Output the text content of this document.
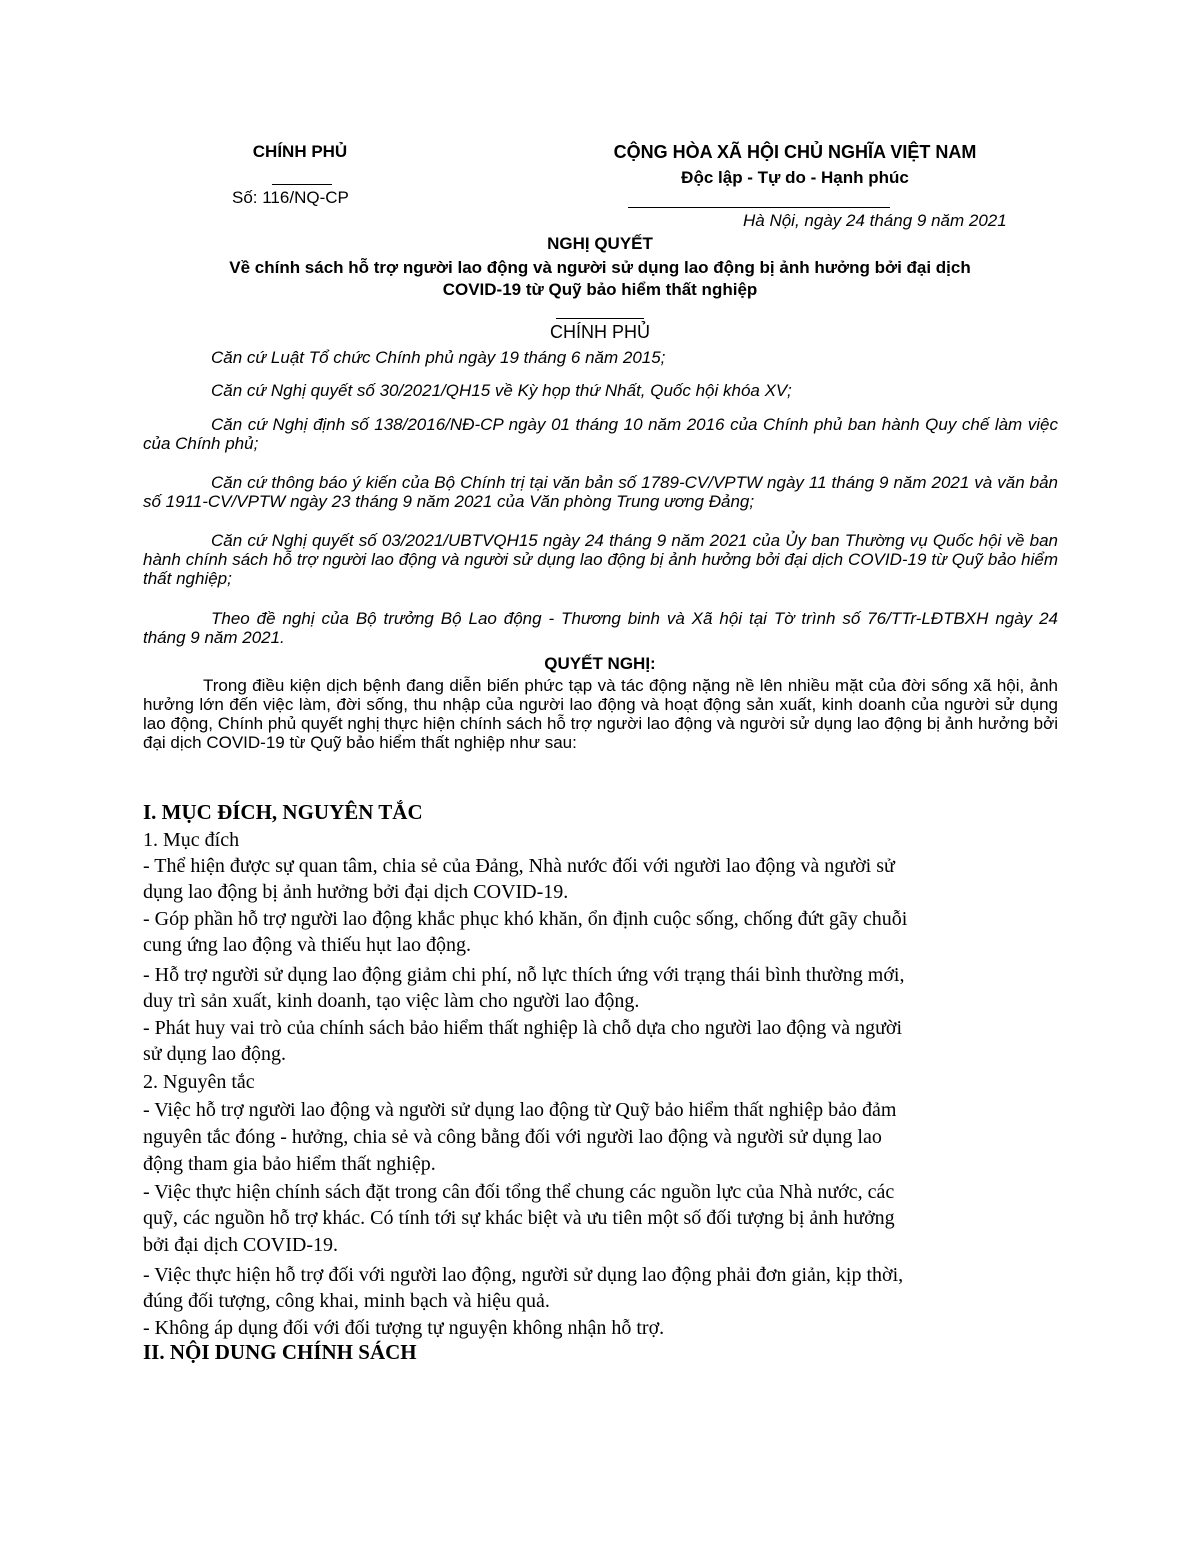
CHÍNH PHỦ
Số: 116/NQ-CP
CỘNG HÒA XÃ HỘI CHỦ NGHĨA VIỆT NAM
Độc lập - Tự do - Hạnh phúc
Hà Nội, ngày 24 tháng 9 năm 2021
NGHỊ QUYẾT
Về chính sách hỗ trợ người lao động và người sử dụng lao động bị ảnh hưởng bởi đại dịch
COVID-19 từ Quỹ bảo hiểm thất nghiệp
CHÍNH PHỦ

Căn cứ Luật Tổ chức Chính phủ ngày 19 tháng 6 năm 2015;

Căn cứ Nghị quyết số 30/2021/QH15 về Kỳ họp thứ Nhất, Quốc hội khóa XV;

Căn cứ Nghị định số 138/2016/NĐ-CP ngày 01 tháng 10 năm 2016 của Chính phủ ban hành Quy chế làm việc của Chính phủ;

Căn cứ thông báo ý kiến của Bộ Chính trị tại văn bản số 1789-CV/VPTW ngày 11 tháng 9 năm 2021 và văn bản số 1911-CV/VPTW ngày 23 tháng 9 năm 2021 của Văn phòng Trung ương Đảng;

Căn cứ Nghị quyết số 03/2021/UBTVQH15 ngày 24 tháng 9 năm 2021 của Ủy ban Thường vụ Quốc hội về ban hành chính sách hỗ trợ người lao động và người sử dụng lao động bị ảnh hưởng bởi đại dịch COVID-19 từ Quỹ bảo hiểm thất nghiệp;

Theo đề nghị của Bộ trưởng Bộ Lao động - Thương binh và Xã hội tại Tờ trình số 76/TTr-LĐTBXH ngày 24 tháng 9 năm 2021.

QUYẾT NGHỊ:

Trong điều kiện dịch bệnh đang diễn biến phức tạp và tác động nặng nề lên nhiều mặt của đời sống xã hội, ảnh hưởng lớn đến việc làm, đời sống, thu nhập của người lao động và hoạt động sản xuất, kinh doanh của người sử dụng lao động, Chính phủ quyết nghị thực hiện chính sách hỗ trợ người lao động và người sử dụng lao động bị ảnh hưởng bởi đại dịch COVID-19 từ Quỹ bảo hiểm thất nghiệp như sau:

I. MỤC ĐÍCH, NGUYÊN TẮC
1. Mục đích
- Thể hiện được sự quan tâm, chia sẻ của Đảng, Nhà nước đối với người lao động và người sử
dụng lao động bị ảnh hưởng bởi đại dịch COVID-19.
- Góp phần hỗ trợ người lao động khắc phục khó khăn, ổn định cuộc sống, chống đứt gãy chuỗi
cung ứng lao động và thiếu hụt lao động.
- Hỗ trợ người sử dụng lao động giảm chi phí, nỗ lực thích ứng với trạng thái bình thường mới,
duy trì sản xuất, kinh doanh, tạo việc làm cho người lao động.
- Phát huy vai trò của chính sách bảo hiểm thất nghiệp là chỗ dựa cho người lao động và người
sử dụng lao động.
2. Nguyên tắc
- Việc hỗ trợ người lao động và người sử dụng lao động từ Quỹ bảo hiểm thất nghiệp bảo đảm
nguyên tắc đóng - hưởng, chia sẻ và công bằng đối với người lao động và người sử dụng lao
động tham gia bảo hiểm thất nghiệp.
- Việc thực hiện chính sách đặt trong cân đối tổng thể chung các nguồn lực của Nhà nước, các
quỹ, các nguồn hỗ trợ khác. Có tính tới sự khác biệt và ưu tiên một số đối tượng bị ảnh hưởng
bởi đại dịch COVID-19.
- Việc thực hiện hỗ trợ đối với người lao động, người sử dụng lao động phải đơn giản, kịp thời,
đúng đối tượng, công khai, minh bạch và hiệu quả.
- Không áp dụng đối với đối tượng tự nguyện không nhận hỗ trợ.
II. NỘI DUNG CHÍNH SÁCH
